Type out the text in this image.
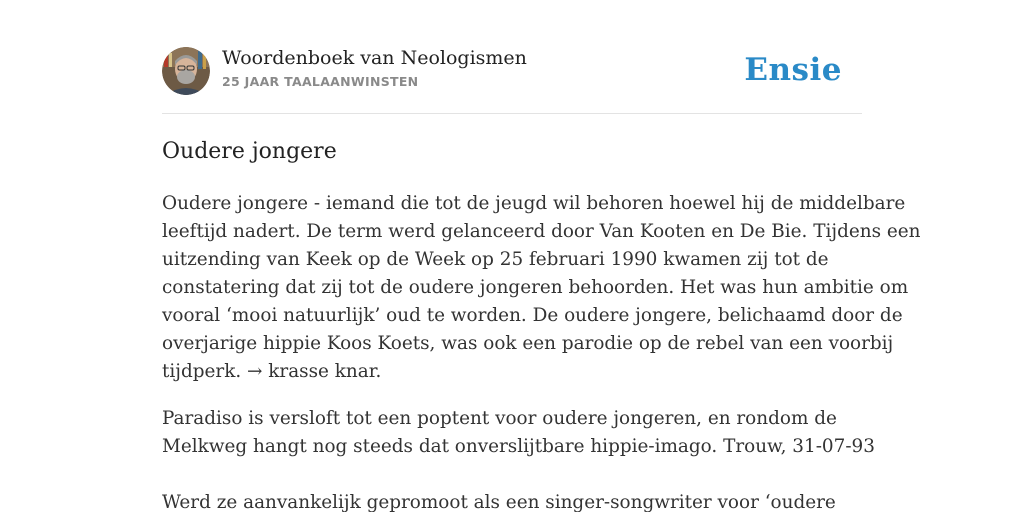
Woordenboek van Neologismen
25 JAAR TAALAANWINSTEN	Ensie
Oudere jongere

Oudere jongere - iemand die tot de jeugd wil behoren hoewel hij de middelbare
leeftijd nadert. De term werd gelanceerd door Van Kooten en De Bie. Tijdens een
uitzending van Keek op de Week op 25 februari 1990 kwamen zij tot de
constatering dat zij tot de oudere jongeren behoorden. Het was hun ambitie om
vooral ‘mooi natuurlijk’ oud te worden. De oudere jongere, belichaamd door de
overjarige hippie Koos Koets, was ook een parodie op de rebel van een voorbij
tijdperk. → krasse knar.

Paradiso is versloft tot een poptent voor oudere jongeren, en rondom de
Melkweg hangt nog steeds dat onverslijtbare hippie-imago. Trouw, 31-07-93
Werd ze aanvankelijk gepromoot als een singer-songwriter voor ‘oudere
